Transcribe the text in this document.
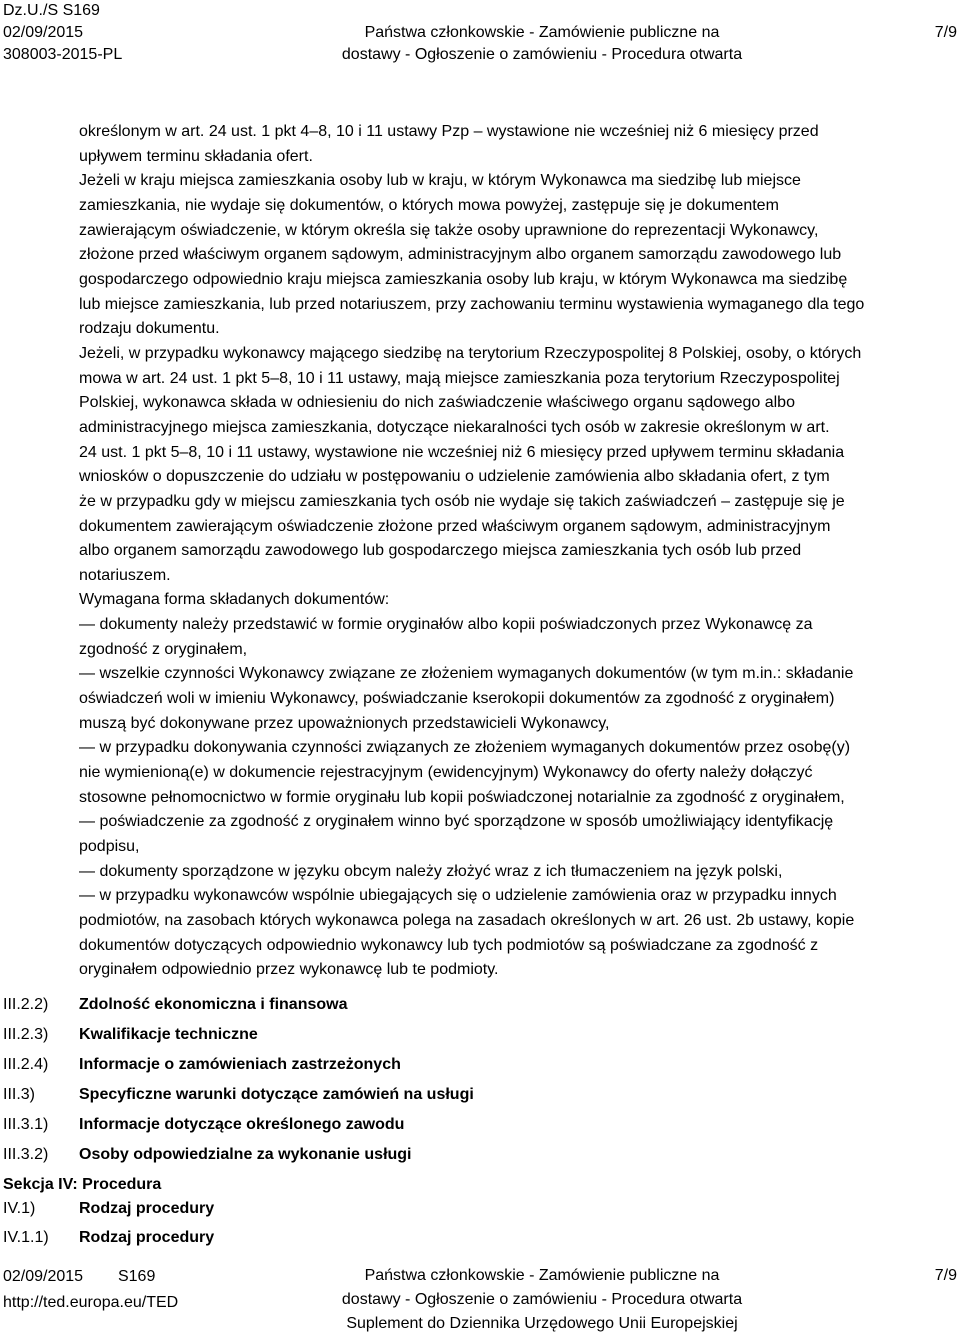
Dz.U./S S169
02/09/2015
308003-2015-PL
Państwa członkowskie - Zamówienie publiczne na
dostawy - Ogłoszenie o zamówieniu - Procedura otwarta
7/9

określonym w art. 24 ust. 1 pkt 4–8, 10 i 11 ustawy Pzp – wystawione nie wcześniej niż 6 miesięcy przed

upływem terminu składania ofert.

Jeżeli w kraju miejsca zamieszkania osoby lub w kraju, w którym Wykonawca ma siedzibę lub miejsce

zamieszkania, nie wydaje się dokumentów, o których mowa powyżej, zastępuje się je dokumentem

zawierającym oświadczenie, w którym określa się także osoby uprawnione do reprezentacji Wykonawcy,

złożone przed właściwym organem sądowym, administracyjnym albo organem samorządu zawodowego lub

gospodarczego odpowiednio kraju miejsca zamieszkania osoby lub kraju, w którym Wykonawca ma siedzibę

lub miejsce zamieszkania, lub przed notariuszem, przy zachowaniu terminu wystawienia wymaganego dla tego

rodzaju dokumentu.

Jeżeli, w przypadku wykonawcy mającego siedzibę na terytorium Rzeczypospolitej 8 Polskiej, osoby, o których

mowa w art. 24 ust. 1 pkt 5–8, 10 i 11 ustawy, mają miejsce zamieszkania poza terytorium Rzeczypospolitej

Polskiej, wykonawca składa w odniesieniu do nich zaświadczenie właściwego organu sądowego albo

administracyjnego miejsca zamieszkania, dotyczące niekaralności tych osób w zakresie określonym w art.

24 ust. 1 pkt 5–8, 10 i 11 ustawy, wystawione nie wcześniej niż 6 miesięcy przed upływem terminu składania

wniosków o dopuszczenie do udziału w postępowaniu o udzielenie zamówienia albo składania ofert, z tym

że w przypadku gdy w miejscu zamieszkania tych osób nie wydaje się takich zaświadczeń – zastępuje się je

dokumentem zawierającym oświadczenie złożone przed właściwym organem sądowym, administracyjnym

albo organem samorządu zawodowego lub gospodarczego miejsca zamieszkania tych osób lub przed

notariuszem.

Wymagana forma składanych dokumentów:

— dokumenty należy przedstawić w formie oryginałów albo kopii poświadczonych przez Wykonawcę za

zgodność z oryginałem,

— wszelkie czynności Wykonawcy związane ze złożeniem wymaganych dokumentów (w tym m.in.: składanie

oświadczeń woli w imieniu Wykonawcy, poświadczanie kserokopii dokumentów za zgodność z oryginałem)

muszą być dokonywane przez upoważnionych przedstawicieli Wykonawcy,

— w przypadku dokonywania czynności związanych ze złożeniem wymaganych dokumentów przez osobę(y)

nie wymienioną(e) w dokumencie rejestracyjnym (ewidencyjnym) Wykonawcy do oferty należy dołączyć

stosowne pełnomocnictwo w formie oryginału lub kopii poświadczonej notarialnie za zgodność z oryginałem,

— poświadczenie za zgodność z oryginałem winno być sporządzone w sposób umożliwiający identyfikację

podpisu,

— dokumenty sporządzone w języku obcym należy złożyć wraz z ich tłumaczeniem na język polski,

— w przypadku wykonawców wspólnie ubiegających się o udzielenie zamówienia oraz w przypadku innych

podmiotów, na zasobach których wykonawca polega na zasadach określonych w art. 26 ust. 2b ustawy, kopie

dokumentów dotyczących odpowiednio wykonawcy lub tych podmiotów są poświadczane za zgodność z

oryginałem odpowiednio przez wykonawcę lub te podmioty.

III.2.2) Zdolność ekonomiczna i finansowa
III.2.3) Kwalifikacje techniczne
III.2.4) Informacje o zamówieniach zastrzeżonych
III.3)	Specyficzne warunki dotyczące zamówień na usługi
III.3.1) Informacje dotyczące określonego zawodu
III.3.2) Osoby odpowiedzialne za wykonanie usługi
Sekcja IV: Procedura
IV.1)	Rodzaj procedury
IV.1.1) Rodzaj procedury
02/09/2015 S169
http://ted.europa.eu/TED
Państwa członkowskie - Zamówienie publiczne na
dostawy - Ogłoszenie o zamówieniu - Procedura otwarta
Suplement do Dziennika Urzędowego Unii Europejskiej
7/9
